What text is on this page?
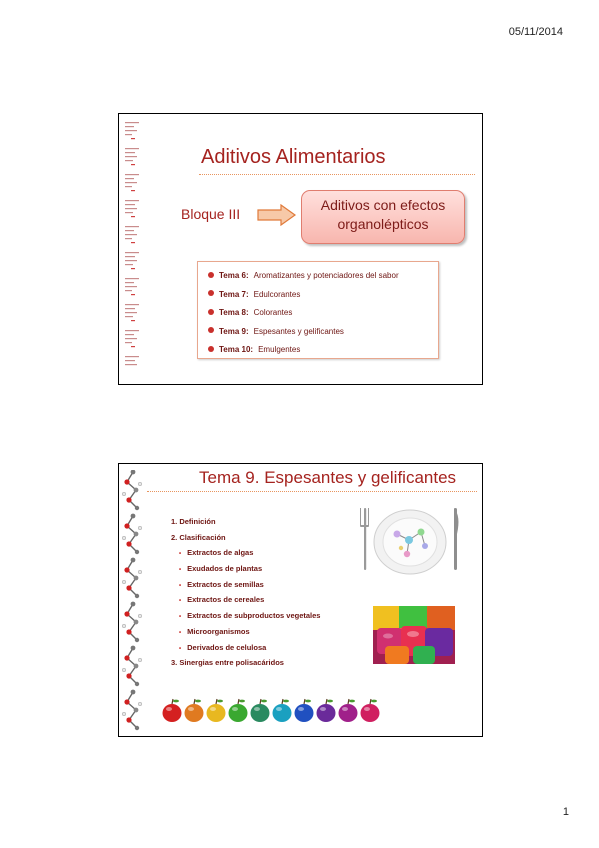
05/11/2014
Aditivos Alimentarios
Bloque III
Aditivos con efectos
organolépticos
Tema 6: Aromatizantes y potenciadores del sabor
Tema 7: Edulcorantes
Tema 8: Colorantes
Tema 9: Espesantes y gelificantes
Tema 10: Emulgentes
Tema 9. Espesantes y gelificantes
1. Definición
2. Clasificación
• Extractos de algas
• Exudados de plantas
• Extractos de semillas
• Extractos de cereales
• Extractos de subproductos vegetales
• Microorganismos
• Derivados de celulosa
3. Sinergias entre polisacáridos
1
